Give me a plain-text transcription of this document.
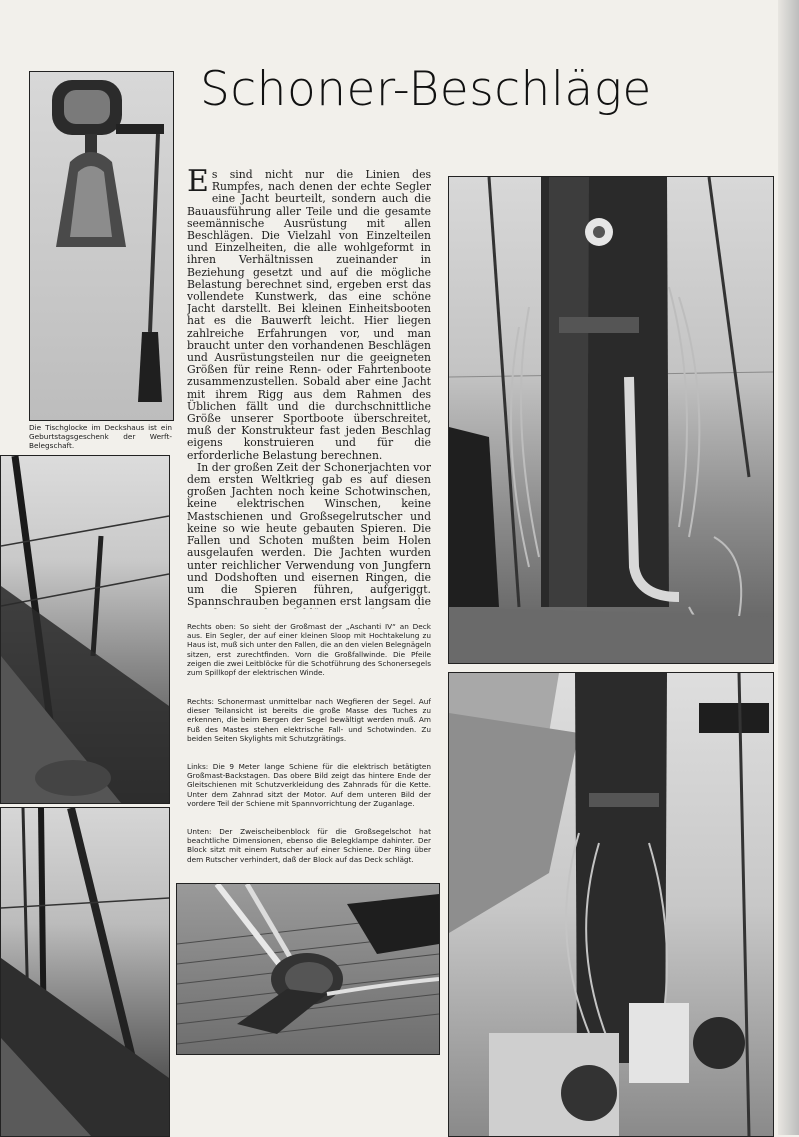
Schoner-Beschläge
Die Tischglocke im Deckshaus ist ein Geburtstagsgeschenk der Werft-Belegschaft.
E s sind nicht nur die Linien des Rumpfes, nach denen der echte Segler eine Jacht beurteilt, sondern auch die Bauausführung aller Teile und die gesamte seemännische Ausrüstung mit allen Beschlägen. Die Vielzahl von Einzelteilen und Einzelheiten, die alle wohlgeformt in ihren Verhältnissen zueinander in Beziehung gesetzt und auf die mögliche Belastung berechnet sind, ergeben erst das vollendete Kunstwerk, das eine schöne Jacht darstellt. Bei kleinen Einheitsbooten hat es die Bauwerft leicht. Hier liegen zahlreiche Erfahrungen vor, und man braucht unter den vorhandenen Beschlägen und Ausrüstungsteilen nur die geeigneten Größen für reine Renn- oder Fahrtenboote zusammenzustellen. Sobald aber eine Jacht mit ihrem Rigg aus dem Rahmen des Üblichen fällt und die durchschnittliche Größe unserer Sportboote überschreitet, muß der Konstrukteur fast jeden Beschlag eigens konstruieren und für die erforderliche Belastung berechnen.

In der großen Zeit der Schonerjachten vor dem ersten Weltkrieg gab es auf diesen großen Jachten noch keine Schotwinschen, keine elektrischen Winschen, keine Mastschienen und Großsegelrutscher und keine so wie heute gebauten Spieren. Die Fallen und Schoten mußten beim Holen ausgelaufen werden. Die Jachten wurden unter reichlicher Verwendung von Jungfern und Dodshoften und eisernen Ringen, die um die Spieren führen, aufgeriggt. Spannschrauben begannen erst langsam die

Rechts oben: So sieht der Großmast der „Aschanti IV“ an Deck aus. Ein Segler, der auf einer kleinen Sloop mit Hochtakelung zu Haus ist, muß sich unter den Fallen, die an den vielen Belegnägeln sitzen, erst zurechtfinden. Vorn die Großfallwinde. Die Pfeile zeigen die zwei Leitblöcke für die Schotführung des Schonersegels zum Spillkopf der elektrischen Winde.
Rechts: Schonermast unmittelbar nach Wegfieren der Segel. Auf dieser Teilansicht ist bereits die große Masse des Tuches zu erkennen, die beim Bergen der Segel bewältigt werden muß. Am Fuß des Mastes stehen elektrische Fall- und Schotwinden. Zu beiden Seiten Skylights mit Schutzgrätings.
Links: Die 9 Meter lange Schiene für die elektrisch betätigten Großmast-Backstagen. Das obere Bild zeigt das hintere Ende der Gleitschienen mit Schutzverkleidung des Zahnrads für die Kette. Unter dem Zahnrad sitzt der Motor. Auf dem unteren Bild der vordere Teil der Schiene mit Spannvorrichtung der Zuganlage.
Unten: Der Zweischeibenblock für die Großsegelschot hat beachtliche Dimensionen, ebenso die Belegklampe dahinter. Der Block sitzt mit einem Rutscher auf einer Schiene. Der Ring über dem Rutscher verhindert, daß der Block auf das Deck schlägt.
